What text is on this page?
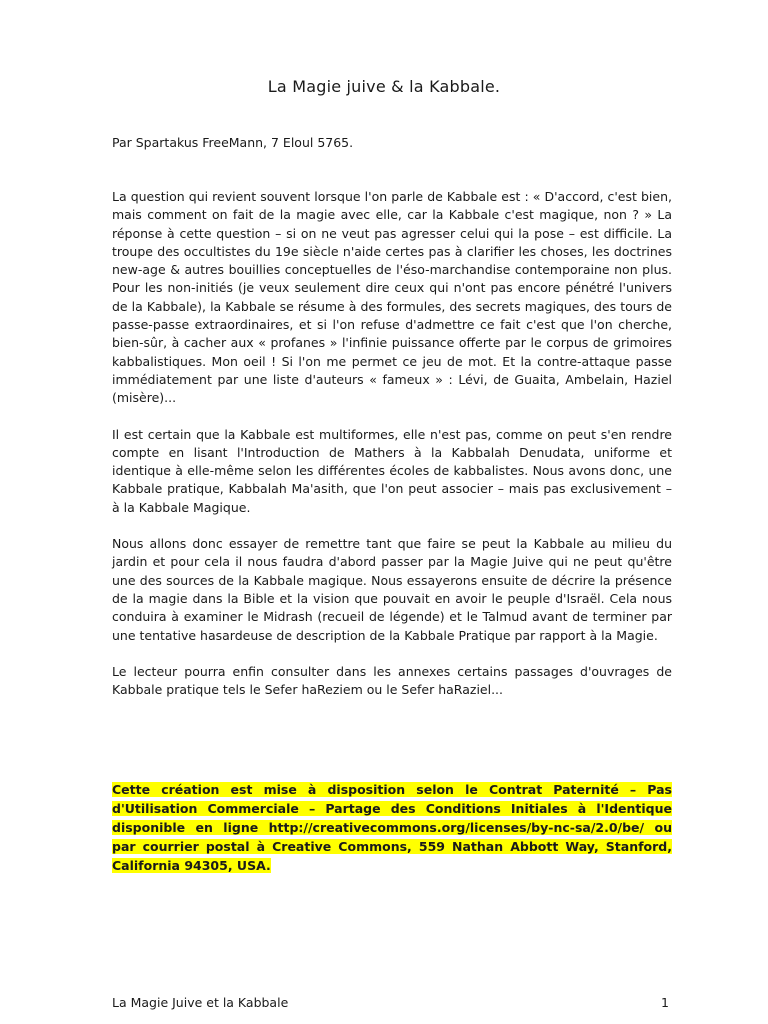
La Magie juive & la Kabbale.
Par Spartakus FreeMann, 7 Eloul 5765.

La question qui revient souvent lorsque l'on parle de Kabbale est : « D'accord, c'est bien, mais comment on fait de la magie avec elle, car la Kabbale c'est magique, non ? » La réponse à cette question – si on ne veut pas agresser celui qui la pose – est difficile. La troupe des occultistes du 19e siècle n'aide certes pas à clarifier les choses, les doctrines new-age & autres bouillies conceptuelles de l'éso-marchandise contemporaine non plus. Pour les non-initiés (je veux seulement dire ceux qui n'ont pas encore pénétré l'univers de la Kabbale), la Kabbale se résume à des formules, des secrets magiques, des tours de passe-passe extraordinaires, et si l'on refuse d'admettre ce fait c'est que l'on cherche, bien-sûr, à cacher aux « profanes » l'infinie puissance offerte par le corpus de grimoires kabbalistiques. Mon oeil ! Si l'on me permet ce jeu de mot. Et la contre-attaque passe immédiatement par une liste d'auteurs « fameux » : Lévi, de Guaita, Ambelain, Haziel (misère)...

Il est certain que la Kabbale est multiformes, elle n'est pas, comme on peut s'en rendre compte en lisant l'Introduction de Mathers à la Kabbalah Denudata, uniforme et identique à elle-même selon les différentes écoles de kabbalistes. Nous avons donc, une Kabbale pratique, Kabbalah Ma'asith, que l'on peut associer – mais pas exclusivement – à la Kabbale Magique.

Nous allons donc essayer de remettre tant que faire se peut la Kabbale au milieu du jardin et pour cela il nous faudra d'abord passer par la Magie Juive qui ne peut qu'être une des sources de la Kabbale magique. Nous essayerons ensuite de décrire la présence de la magie dans la Bible et la vision que pouvait en avoir le peuple d'Israël. Cela nous conduira à examiner le Midrash (recueil de légende) et le Talmud avant de terminer par une tentative hasardeuse de description de la Kabbale Pratique par rapport à la Magie.

Le lecteur pourra enfin consulter dans les annexes certains passages d'ouvrages de Kabbale pratique tels le Sefer haReziem ou le Sefer haRaziel...

Cette création est mise à disposition selon le Contrat Paternité – Pas d'Utilisation Commerciale – Partage des Conditions Initiales à l'Identique disponible en ligne http://creativecommons.org/licenses/by-nc-sa/2.0/be/ ou par courrier postal à Creative Commons, 559 Nathan Abbott Way, Stanford, California 94305, USA.
La Magie Juive et la Kabbale	1
